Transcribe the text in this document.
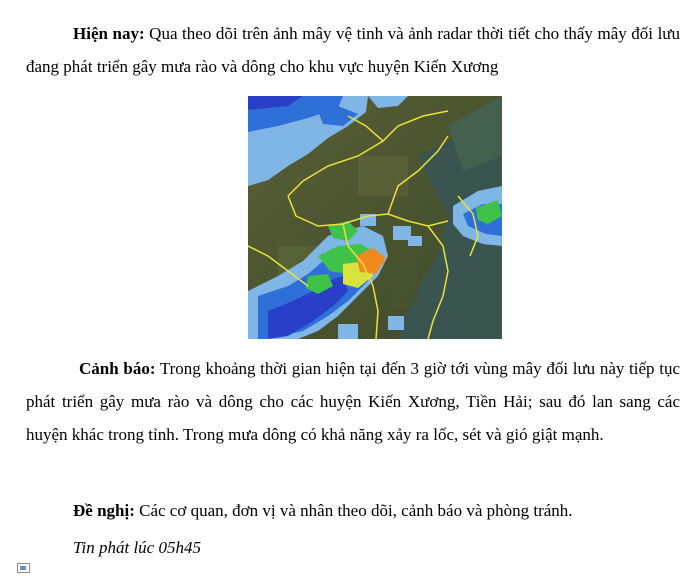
Hiện nay: Qua theo dõi trên ảnh mây vệ tinh và ảnh radar thời tiết cho thấy mây đối lưu đang phát triển gây mưa rào và dông cho khu vực huyện Kiến Xương

Cảnh báo: Trong khoảng thời gian hiện tại đến 3 giờ tới vùng mây đối lưu này tiếp tục phát triển gây mưa rào và dông cho các huyện Kiến Xương, Tiền Hải; sau đó lan sang các huyện khác trong tỉnh. Trong mưa dông có khả năng xảy ra lốc, sét và gió giật mạnh.

Đề nghị: Các cơ quan, đơn vị và nhân theo dõi, cảnh báo và phòng tránh.

Tin phát lúc 05h45
